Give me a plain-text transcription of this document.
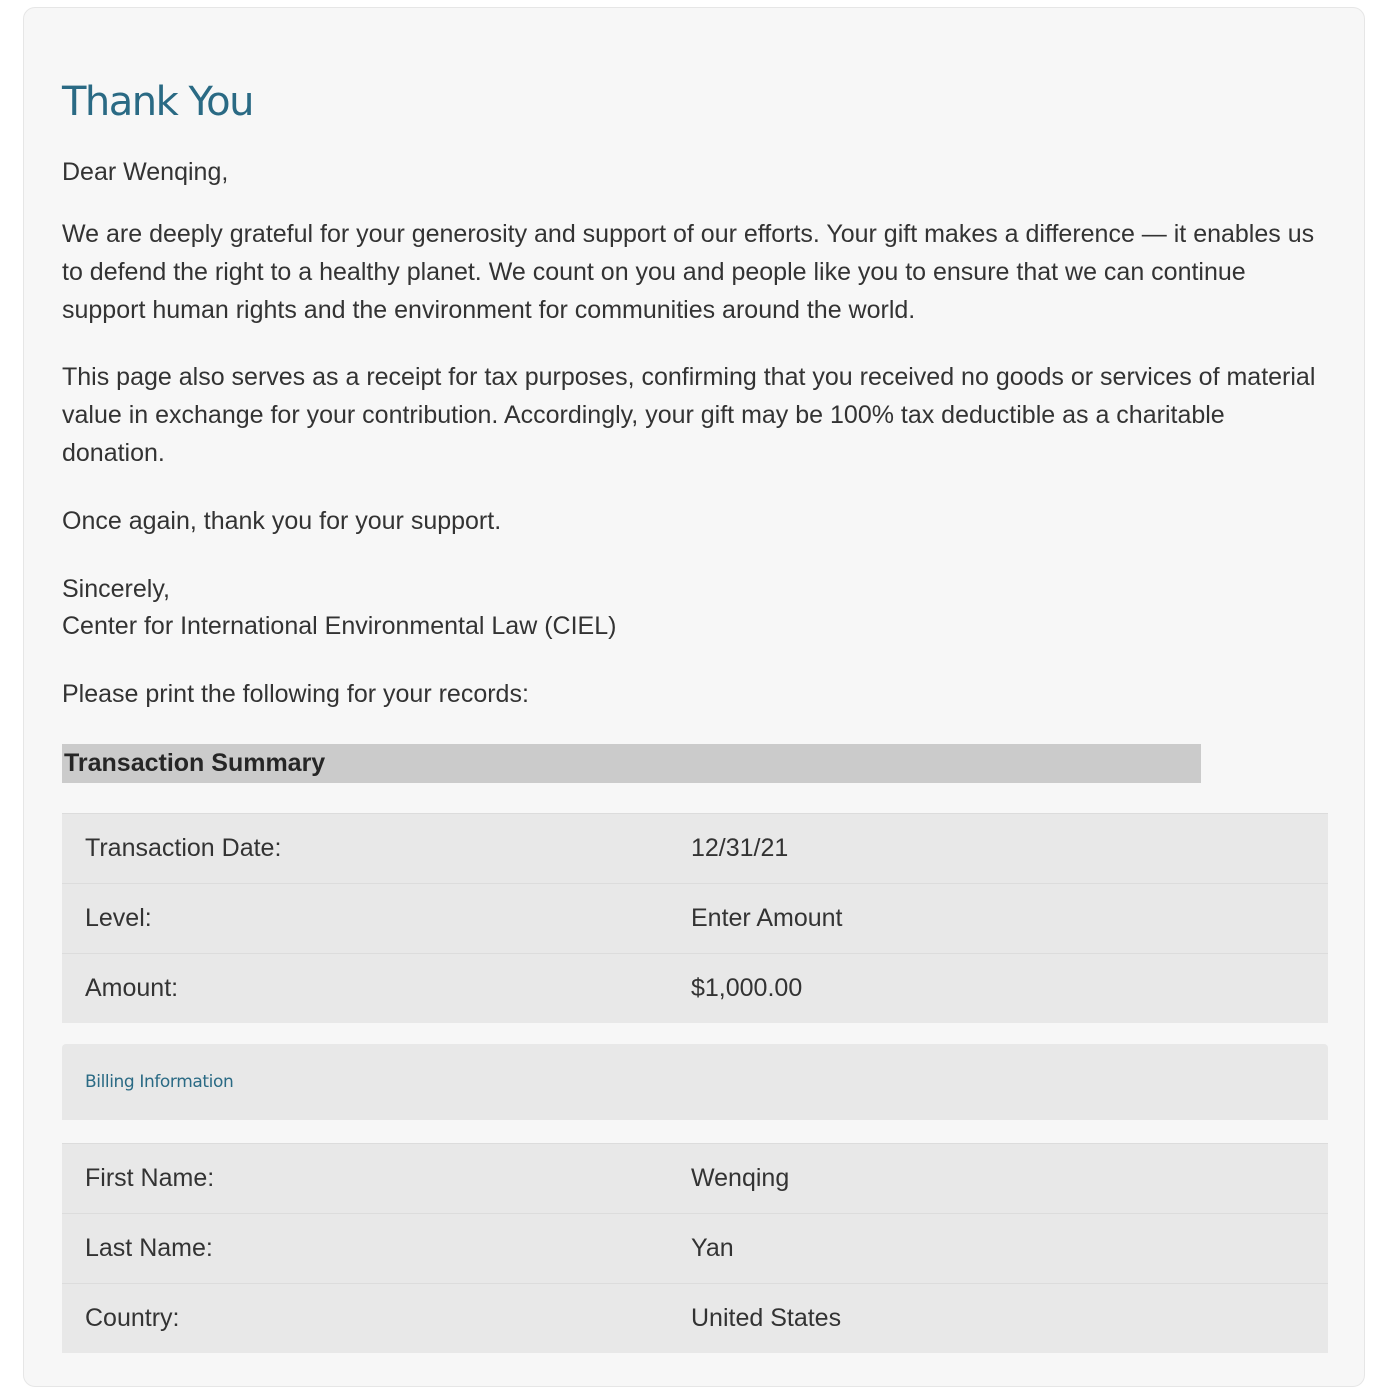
Thank You

Dear Wenqing,

We are deeply grateful for your generosity and support of our efforts. Your gift makes a difference — it enables us to defend the right to a healthy planet. We count on you and people like you to ensure that we can continue support human rights and the environment for communities around the world.

This page also serves as a receipt for tax purposes, confirming that you received no goods or services of material value in exchange for your contribution. Accordingly, your gift may be 100% tax deductible as a charitable donation.

Once again, thank you for your support.

Sincerely,

Center for International Environmental Law (CIEL)

Please print the following for your records:

Transaction Summary
Transaction Date:	12/31/21
Level:	Enter Amount
Amount:	$1,000.00
Billing Information
First Name:	Wenqing
Last Name:	Yan
Country:	United States
